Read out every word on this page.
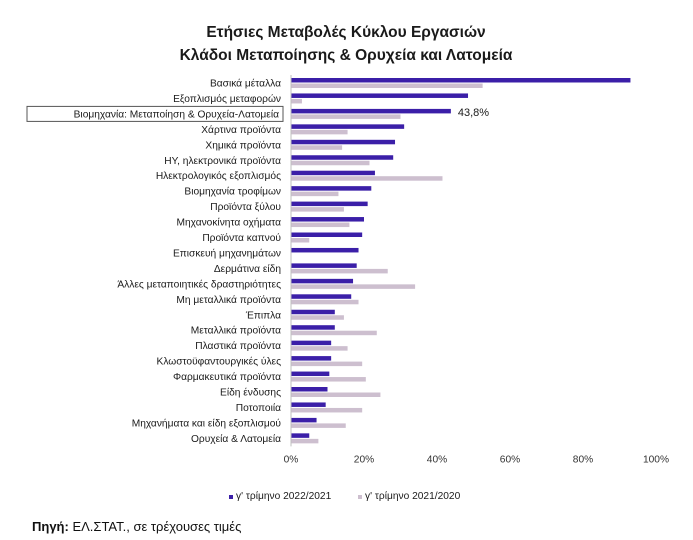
Ετήσιες Μεταβολές Κύκλου Εργασιών
Κλάδοι Μεταποίησης & Ορυχεία και Λατομεία
43,8%
Βασικά μέταλλα
Εξοπλισμός μεταφορών
Βιομηχανία: Μεταποίηση & Ορυχεία-Λατομεία
Χάρτινα προϊόντα
Χημικά προϊόντα
ΗΥ, ηλεκτρονικά προϊόντα
Ηλεκτρολογικός εξοπλισμός
Βιομηχανία τροφίμων
Προϊόντα ξύλου
Μηχανοκίνητα οχήματα
Προϊόντα καπνού
Επισκευή μηχανημάτων
Δερμάτινα είδη
Άλλες μεταποιητικές δραστηριότητες
Μη μεταλλικά προϊόντα
Έπιπλα
Μεταλλικά προϊόντα
Πλαστικά προϊόντα
Κλωστοϋφαντουργικές ύλες
Φαρμακευτικά προϊόντα
Είδη ένδυσης
Ποτοποιία
Μηχανήματα και είδη εξοπλισμού
Ορυχεία & Λατομεία
0%	20%	40%	60%	80%	100%
γ' τρίμηνο 2022/2021	γ' τρίμηνο 2021/2020
Πηγή: ΕΛ.ΣΤΑΤ., σε τρέχουσες τιμές
